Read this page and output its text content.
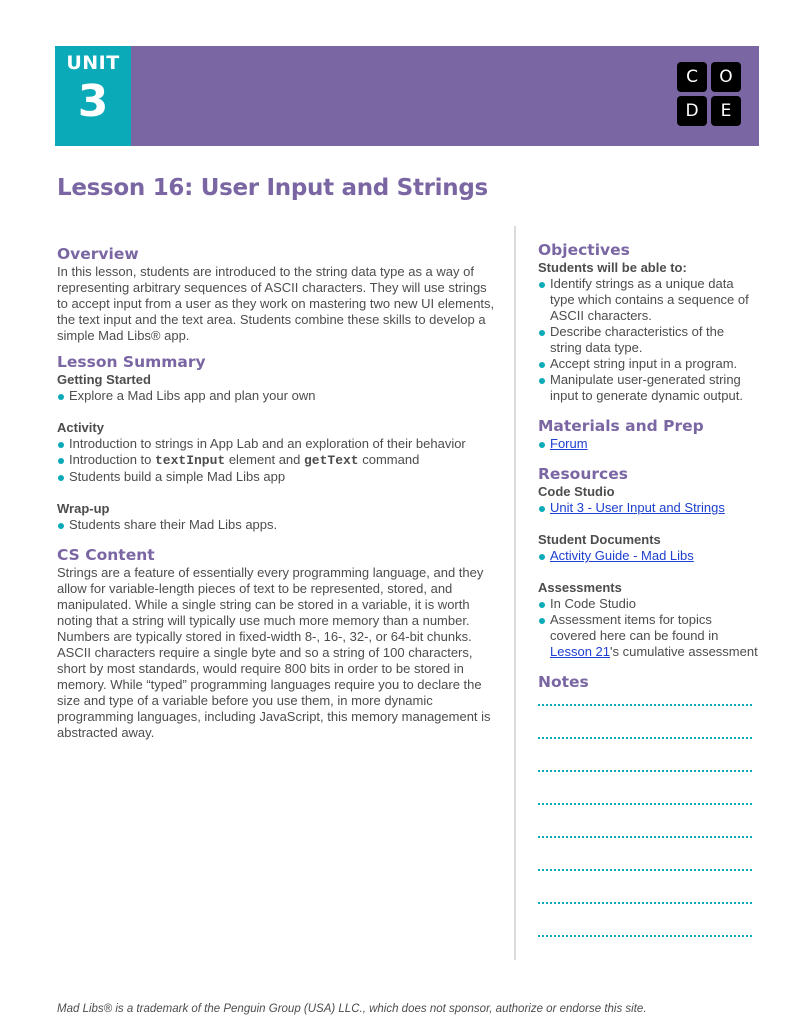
UNIT
3	C	O
D	E
Lesson 16: User Input and Strings
Overview

In this lesson, students are introduced to the string data type as a way of representing arbitrary sequences of ASCII characters. They will use strings to accept input from a user as they work on mastering two new UI elements, the text input and the text area. Students combine these skills to develop a simple Mad Libs® app.

Lesson Summary
Getting Started
Explore a Mad Libs app and plan your own
Activity
Introduction to strings in App Lab and an exploration of their behavior
Introduction to textInput element and getText command
Students build a simple Mad Libs app
Wrap-up
Students share their Mad Libs apps.
CS Content

Strings are a feature of essentially every programming language, and they allow for variable-length pieces of text to be represented, stored, and manipulated. While a single string can be stored in a variable, it is worth noting that a string will typically use much more memory than a number. Numbers are typically stored in fixed-width 8-, 16-, 32-, or 64-bit chunks. ASCII characters require a single byte and so a string of 100 characters, short by most standards, would require 800 bits in order to be stored in memory. While “typed” programming languages require you to declare the size and type of a variable before you use them, in more dynamic programming languages, including JavaScript, this memory management is abstracted away.

Objectives
Students will be able to:
Identify strings as a unique data type which contains a sequence of ASCII characters.
Describe characteristics of the string data type.
Accept string input in a program.
Manipulate user-generated string input to generate dynamic output.
Materials and Prep
Forum
Resources
Code Studio
Unit 3 - User Input and Strings
Student Documents
Activity Guide - Mad Libs
Assessments
In Code Studio
Assessment items for topics covered here can be found in Lesson 21's cumulative assessment
Notes
Mad Libs® is a trademark of the Penguin Group (USA) LLC., which does not sponsor, authorize or endorse this site.
